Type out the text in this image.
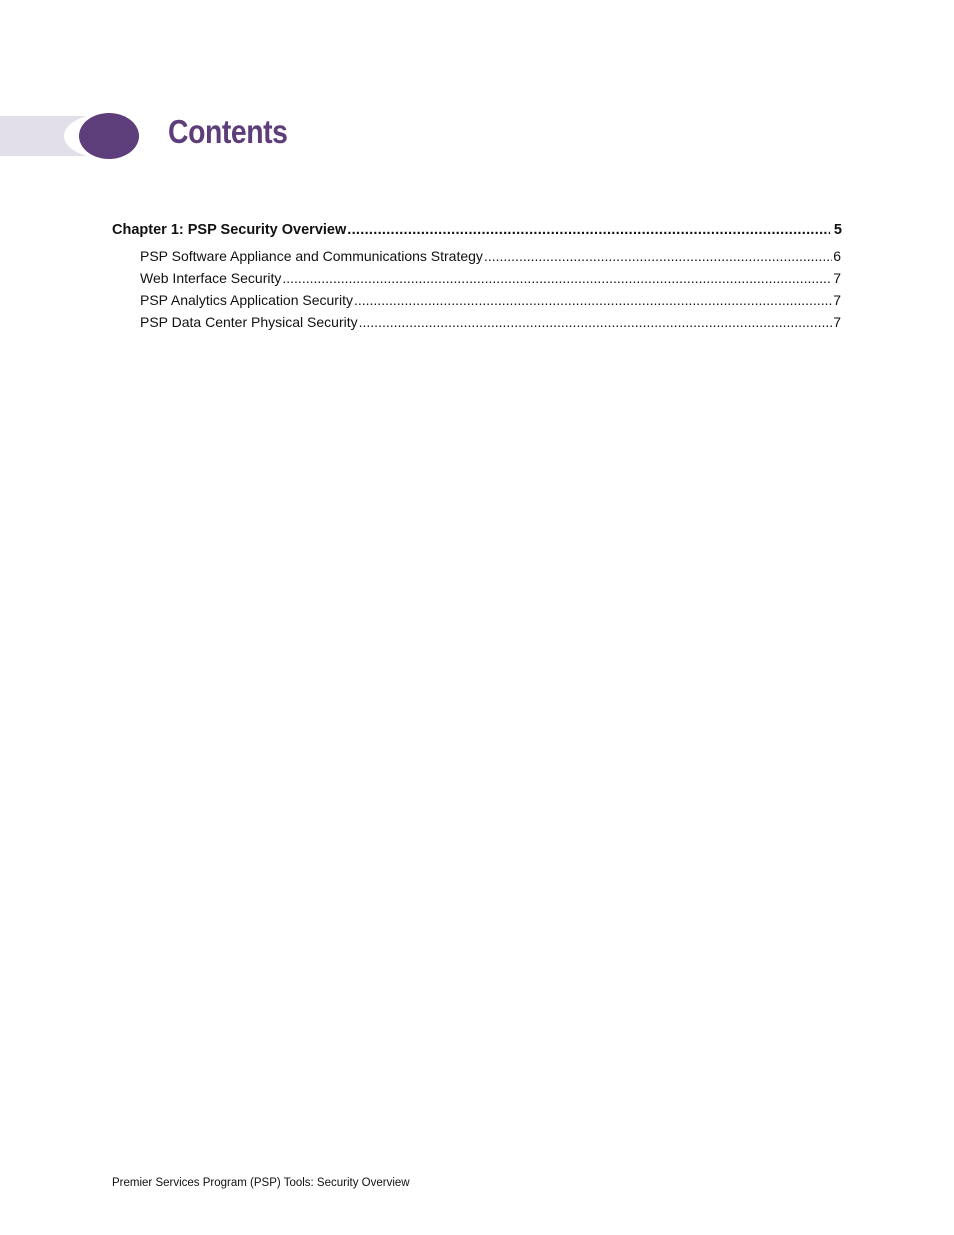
Contents
Chapter 1: PSP Security Overview .....	5
PSP Software Appliance and Communications Strategy .....	6
Web Interface Security .....	7
PSP Analytics Application Security .....	7
PSP Data Center Physical Security .....	7
Premier Services Program (PSP) Tools: Security Overview
